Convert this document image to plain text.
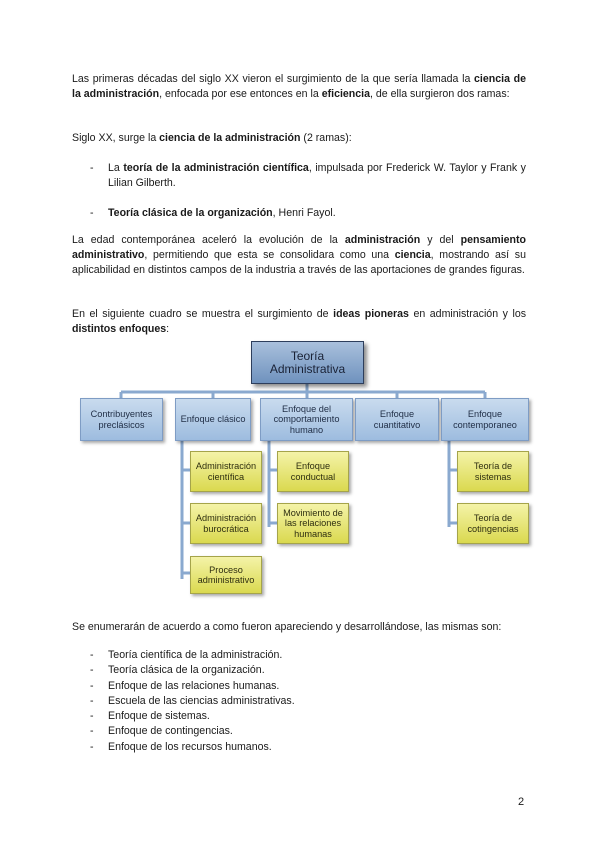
Las primeras décadas del siglo XX vieron el surgimiento de la que sería llamada la ciencia de la administración, enfocada por ese entonces en la eficiencia, de ella surgieron dos ramas:

Siglo XX, surge la ciencia de la administración (2 ramas):

- La teoría de la administración científica, impulsada por Frederick W. Taylor y Frank y Lilian Gilberth.

- Teoría clásica de la organización, Henri Fayol.

La edad contemporánea aceleró la evolución de la administración y del pensamiento administrativo, permitiendo que esta se consolidara como una ciencia, mostrando así su aplicabilidad en distintos campos de la industria a través de las aportaciones de grandes figuras.

En el siguiente cuadro se muestra el surgimiento de ideas pioneras en administración y los distintos enfoques:

Teoría Administrativa
Contribuyentes preclásicos
Enfoque clásico
Enfoque del comportamiento humano
Enfoque cuantitativo
Enfoque contemporaneo
Administración científica
Administración burocrática
Proceso administrativo
Enfoque conductual
Movimiento de las relaciones humanas
Teoría de sistemas
Teoría de cotingencias

Se enumerarán de acuerdo a como fueron apareciendo y desarrollándose, las mismas son:

- Teoría científica de la administración.
- Teoría clásica de la organización.
- Enfoque de las relaciones humanas.
- Escuela de las ciencias administrativas.
- Enfoque de sistemas.
- Enfoque de contingencias.
- Enfoque de los recursos humanos.
2
